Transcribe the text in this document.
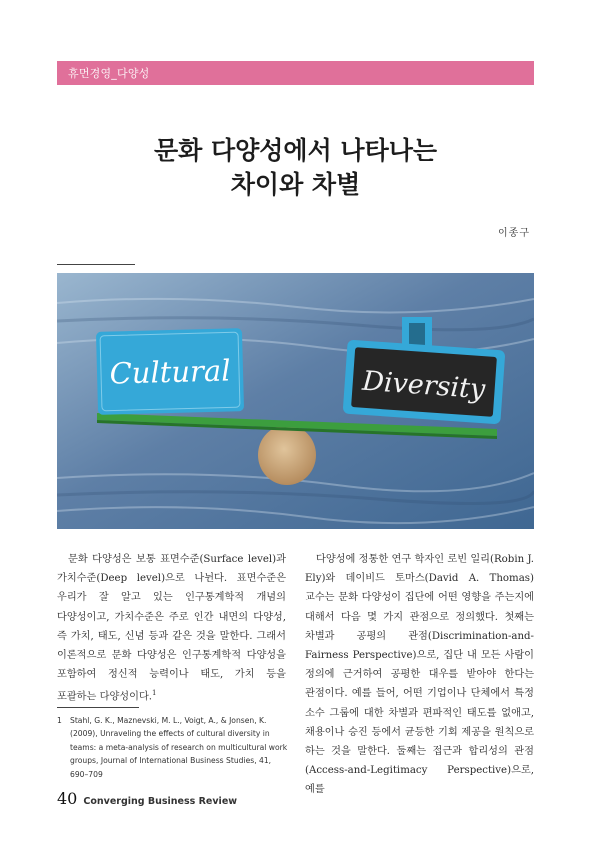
휴먼경영_다양성
문화 다양성에서 나타나는
차이와 차별
이종구
Cultural	Diversity

문화 다양성은 보통 표면수준(Surface level)과 가치수준(Deep level)으로 나뉜다. 표면수준은 우리가 잘 알고 있는 인구통계학적 개념의 다양성이고, 가치수준은 주로 인간 내면의 다양성, 즉 가치, 태도, 신념 등과 같은 것을 말한다. 그래서 이론적으로 문화 다양성은 인구통계학적 다양성을 포함하여 정신적 능력이나 태도, 가치 등을 포괄하는 다양성이다.$^1$

다양성에 정통한 연구 학자인 로빈 일리(Robin J. Ely)와 데이비드 토마스(David A. Thomas) 교수는 문화 다양성이 집단에 어떤 영향을 주는지에 대해서 다음 몇 가지 관점으로 정의했다. 첫째는 차별과 공평의 관점(Discrimination-and-Fairness Perspective)으로, 집단 내 모든 사람이 정의에 근거하여 공평한 대우를 받아야 한다는 관점이다. 예를 들어, 어떤 기업이나 단체에서 특정 소수 그룹에 대한 차별과 편파적인 태도를 없애고, 채용이나 승진 등에서 균등한 기회 제공을 원칙으로 하는 것을 말한다. 둘째는 접근과 합리성의 관점(Access-and-Legitimacy Perspective)으로, 예를

1	Stahl, G. K., Maznevski, M. L., Voigt, A., & Jonsen, K. (2009), Unraveling the effects of cultural diversity in teams: a meta-analysis of research on multicultural work groups, Journal of International Business Studies, 41, 690–709
40 Converging Business Review
